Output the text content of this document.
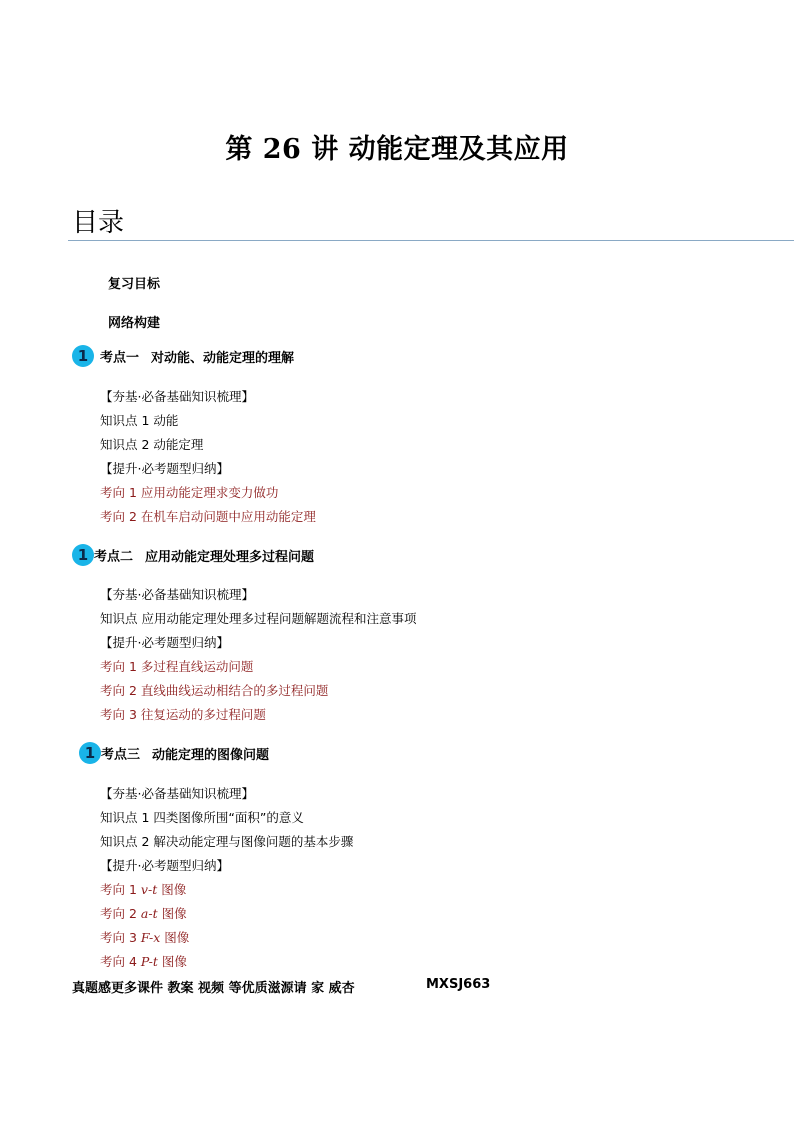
第 26 讲 动能定理及其应用
目录
复习目标
网络构建
1 考点一 对动能、动能定理的理解
【夯基·必备基础知识梳理】
知识点 1 动能
知识点 2 动能定理
【提升·必考题型归纳】
考向 1 应用动能定理求变力做功
考向 2 在机车启动问题中应用动能定理
1 考点二 应用动能定理处理多过程问题
【夯基·必备基础知识梳理】
知识点 应用动能定理处理多过程问题解题流程和注意事项
【提升·必考题型归纳】
考向 1 多过程直线运动问题
考向 2 直线曲线运动相结合的多过程问题
考向 3 往复运动的多过程问题
1 考点三 动能定理的图像问题
【夯基·必备基础知识梳理】
知识点 1 四类图像所围“面积”的意义
知识点 2 解决动能定理与图像问题的基本步骤
【提升·必考题型归纳】
考向 1 v-t 图像
考向 2 a-t 图像
考向 3 F-x 图像
考向 4 P-t 图像
真题感更多课件 教案 视频 等优质滋源请 家 威杏	MXSJ663
